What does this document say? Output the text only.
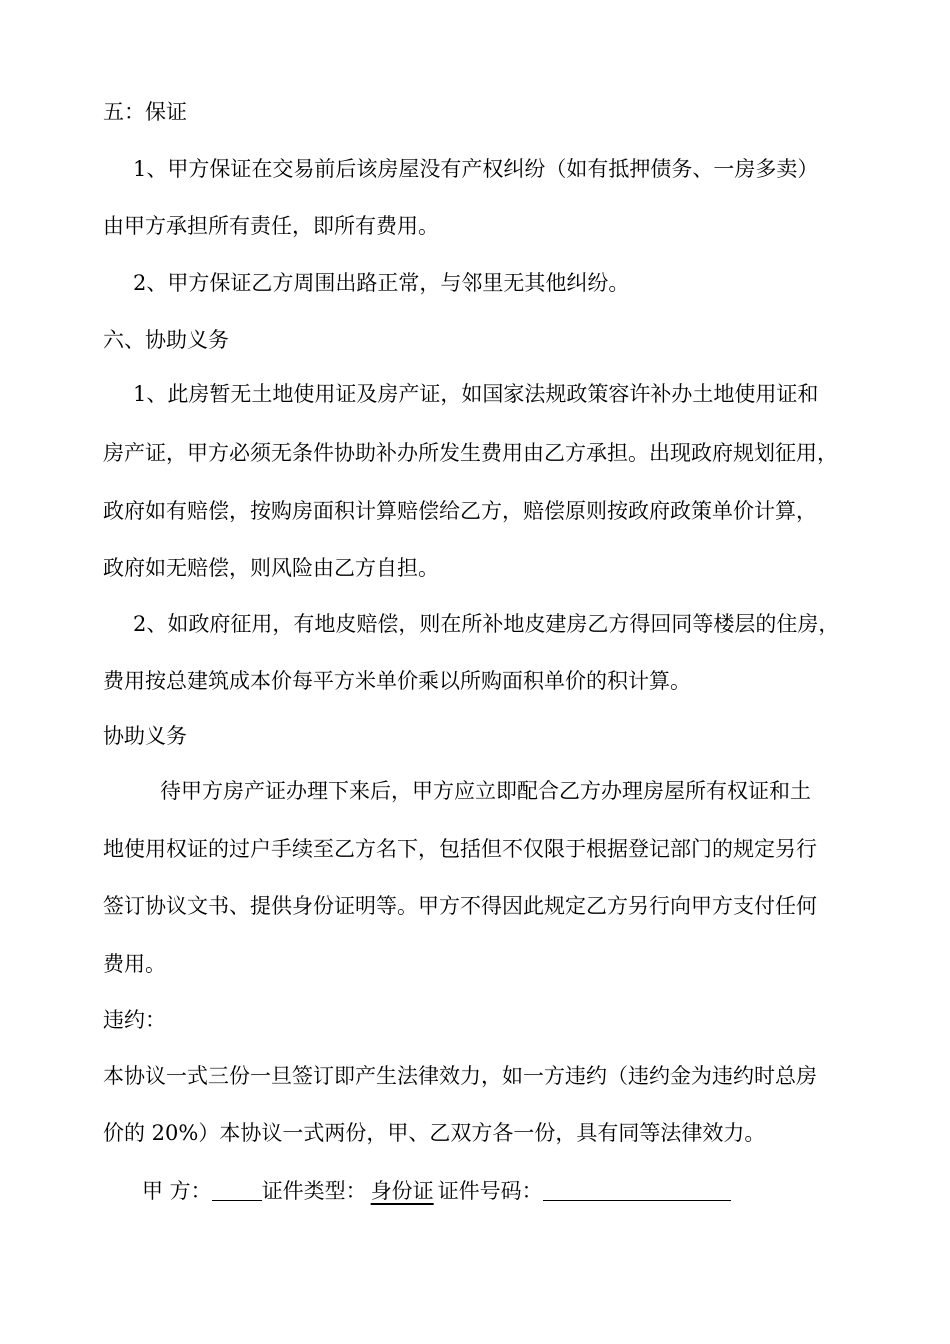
五：保证
1、甲方保证在交易前后该房屋没有产权纠纷（如有抵押债务、一房多卖）
由甲方承担所有责任，即所有费用。
2、甲方保证乙方周围出路正常，与邻里无其他纠纷。
六、协助义务
1、此房暂无土地使用证及房产证，如国家法规政策容许补办土地使用证和
房产证，甲方必须无条件协助补办所发生费用由乙方承担。出现政府规划征用，
政府如有赔偿，按购房面积计算赔偿给乙方，赔偿原则按政府政策单价计算，
政府如无赔偿，则风险由乙方自担。
2、如政府征用，有地皮赔偿，则在所补地皮建房乙方得回同等楼层的住房，
费用按总建筑成本价每平方米单价乘以所购面积单价的积计算。
协助义务
待甲方房产证办理下来后，甲方应立即配合乙方办理房屋所有权证和土
地使用权证的过户手续至乙方名下，包括但不仅限于根据登记部门的规定另行
签订协议文书、提供身份证明等。甲方不得因此规定乙方另行向甲方支付任何
费用。
违约：
本协议一式三份一旦签订即产生法律效力，如一方违约（违约金为违约时总房
价的 20%）本协议一式两份，甲、乙双方各一份，具有同等法律效力。
甲 方： 证件类型： 身份证 证件号码：
